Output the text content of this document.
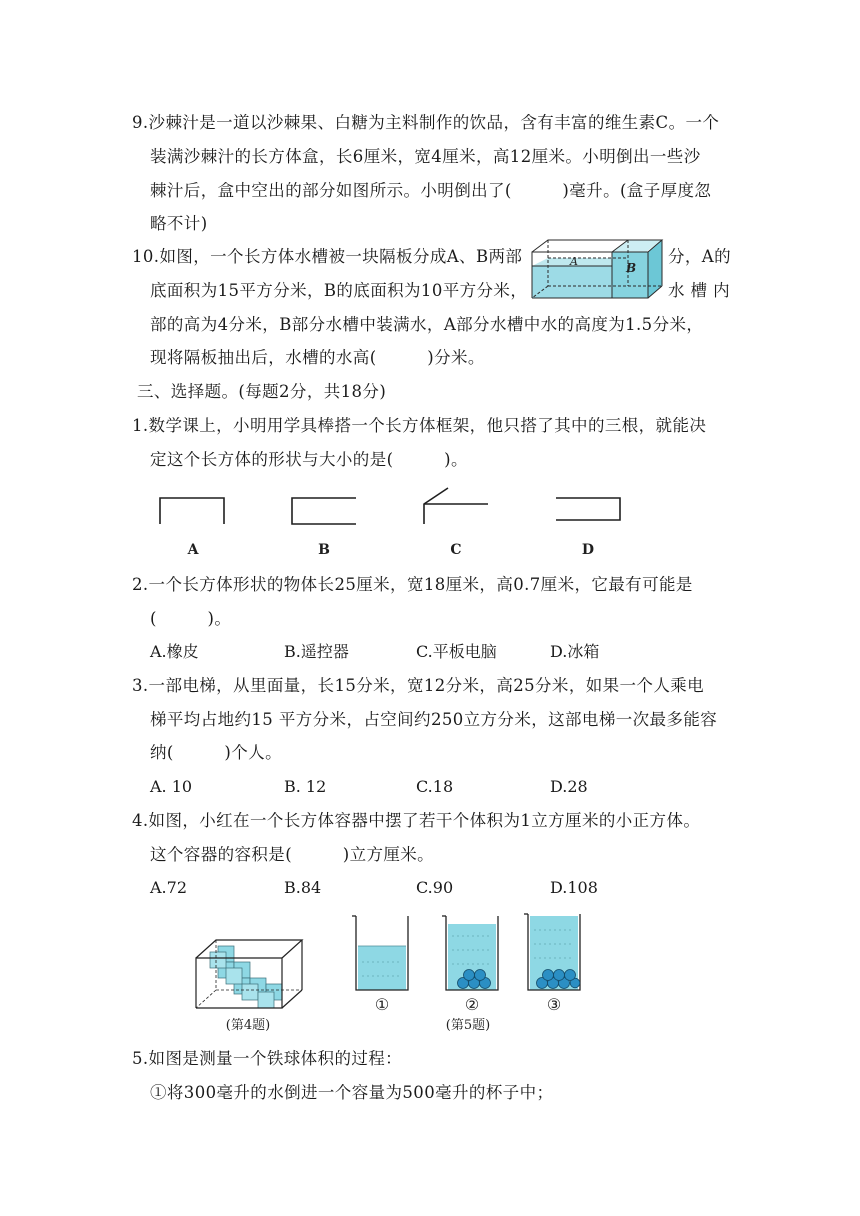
9.沙棘汁是一道以沙棘果、白糖为主料制作的饮品，含有丰富的维生素C。一个
装满沙棘汁的长方体盒，长6厘米，宽4厘米，高12厘米。小明倒出一些沙
棘汁后，盒中空出的部分如图所示。小明倒出了(　　　)毫升。(盒子厚度忽
略不计)
10.如图，一个长方体水槽被一块隔板分成A、B两部	分，A的
底面积为15平方分米，B的底面积为10平方分米，	水 槽 内
部的高为4分米，B部分水槽中装满水，A部分水槽中水的高度为1.5分米，
现将隔板抽出后，水槽的水高(　　　)分米。
A	B
三、选择题。(每题2分，共18分)
1.数学课上，小明用学具棒搭一个长方体框架，他只搭了其中的三根，就能决
定这个长方体的形状与大小的是(　　　)。
A	B	C	D
2.一个长方体形状的物体长25厘米，宽18厘米，高0.7厘米，它最有可能是
(　　　)。
A.橡皮	B.遥控器	C.平板电脑	D.冰箱
3.一部电梯，从里面量，长15分米，宽12分米，高25分米，如果一个人乘电
梯平均占地约15 平方分米，占空间约250立方分米，这部电梯一次最多能容
纳(　　　)个人。
A. 10	B. 12	C.18	D.28
4.如图，小红在一个长方体容器中摆了若干个体积为1立方厘米的小正方体。
这个容器的容积是(　　　)立方厘米。
A.72	B.84	C.90	D.108
(第4题)
①	②	③
(第5题)
5.如图是测量一个铁球体积的过程：
①将300毫升的水倒进一个容量为500毫升的杯子中；
